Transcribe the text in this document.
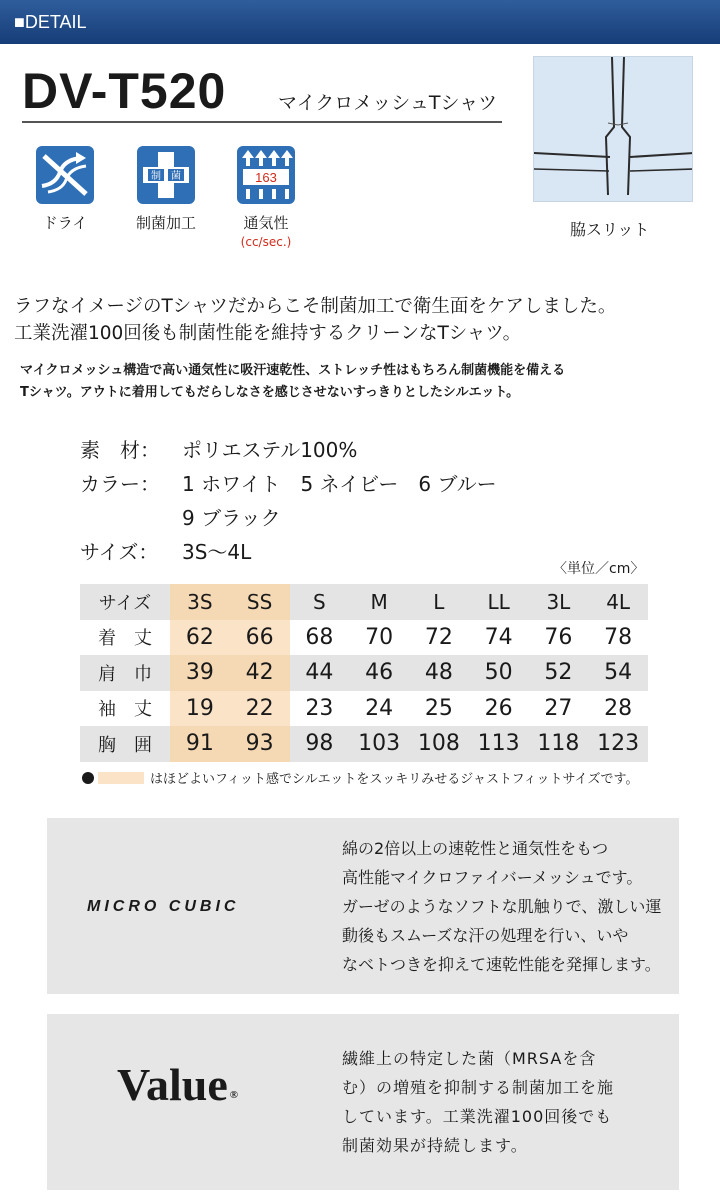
■DETAIL
DV-T520	マイクロメッシュTシャツ
ドライ
制 菌
制菌加工
163
通気性
(cc/sec.)
脇スリット
ラフなイメージのTシャツだからこそ制菌加工で衛生面をケアしました。
工業洗濯100回後も制菌性能を維持するクリーンなTシャツ。
マイクロメッシュ構造で高い通気性に吸汗速乾性、ストレッチ性はもちろん制菌機能を備える
Tシャツ。アウトに着用してもだらしなさを感じさせないすっきりとしたシルエット。
素　材： ポリエステル100%
カラー： 1 ホワイト　5 ネイビー　6 ブルー
9 ブラック
サイズ： 3S〜4L
〈単位／cm〉
サイズ	3S	SS	S	M	L	LL	3L	4L
着　丈	62	66	68	70	72	74	76	78
肩　巾	39	42	44	46	48	50	52	54
袖　丈	19	22	23	24	25	26	27	28
胸　囲	91	93	98	103	108	113	118	123
はほどよいフィット感でシルエットをスッキリみせるジャストフィットサイズです。
MICRO CUBIC
綿の2倍以上の速乾性と通気性をもつ
高性能マイクロファイバーメッシュです。
ガーゼのようなソフトな肌触りで、激しい運
動後もスムーズな汗の処理を行い、いや
なベトつきを抑えて速乾性能を発揮します。
Value ®
繊維上の特定した菌（MRSAを含
む）の増殖を抑制する制菌加工を施
しています。工業洗濯100回後でも
制菌効果が持続します。
